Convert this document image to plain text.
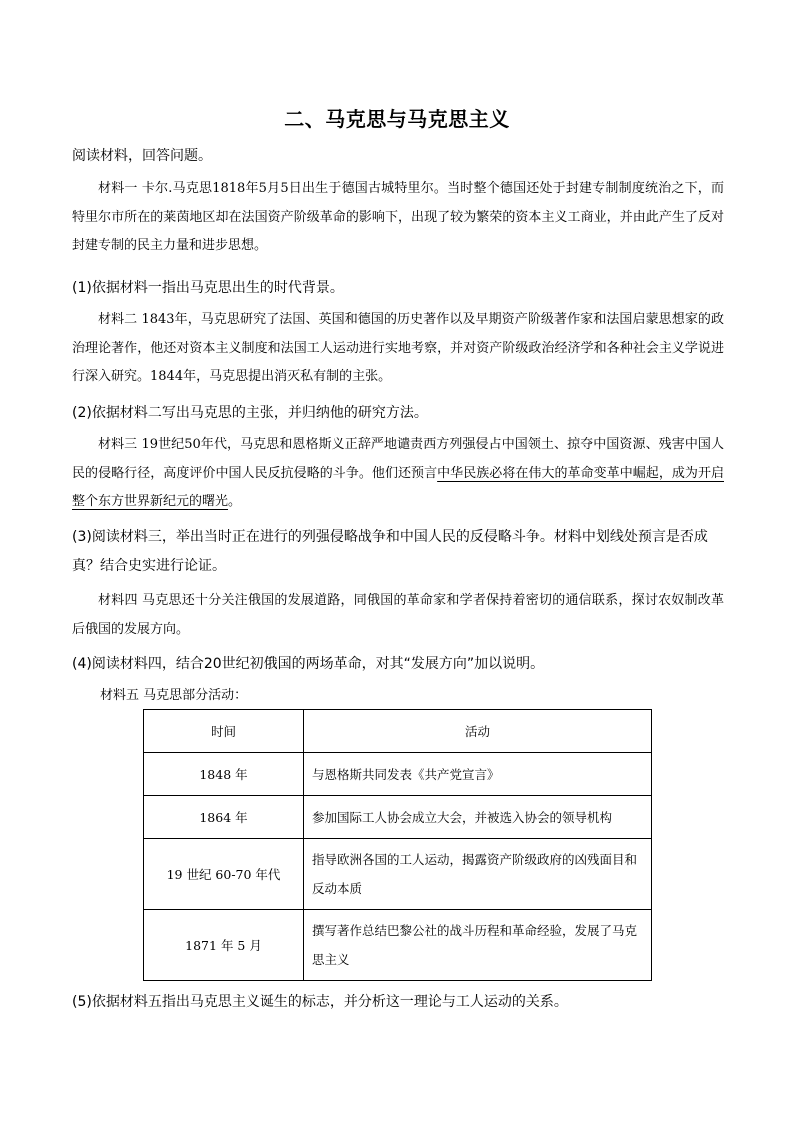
二、马克思与马克思主义
阅读材料，回答问题。
材料一 卡尔.马克思1818年5月5日出生于德国古城特里尔。当时整个德国还处于封建专制制度统治之下，而特里尔市所在的莱茵地区却在法国资产阶级革命的影响下，出现了较为繁荣的资本主义工商业，并由此产生了反对封建专制的民主力量和进步思想。
(1)依据材料一指出马克思出生的时代背景。
材料二 1843年，马克思研究了法国、英国和德国的历史著作以及早期资产阶级著作家和法国启蒙思想家的政治理论著作，他还对资本主义制度和法国工人运动进行实地考察，并对资产阶级政治经济学和各种社会主义学说进行深入研究。1844年，马克思提出消灭私有制的主张。
(2)依据材料二写出马克思的主张，并归纳他的研究方法。
材料三 19世纪50年代，马克思和恩格斯义正辞严地谴责西方列强侵占中国领土、掠夺中国资源、残害中国人民的侵略行径，高度评价中国人民反抗侵略的斗争。他们还预言中华民族必将在伟大的革命变革中崛起，成为开启整个东方世界新纪元的曙光。
(3)阅读材料三，举出当时正在进行的列强侵略战争和中国人民的反侵略斗争。材料中划线处预言是否成真？结合史实进行论证。
材料四 马克思还十分关注俄国的发展道路，同俄国的革命家和学者保持着密切的通信联系，探讨农奴制改革后俄国的发展方向。
(4)阅读材料四，结合20世纪初俄国的两场革命，对其“发展方向”加以说明。
材料五 马克思部分活动：
时间	活动
1848 年	与恩格斯共同发表《共产党宣言》
1864 年	参加国际工人协会成立大会，并被选入协会的领导机构
19 世纪 60-70 年代	指导欧洲各国的工人运动，揭露资产阶级政府的凶残面目和反动本质
1871 年 5 月	撰写著作总结巴黎公社的战斗历程和革命经验，发展了马克思主义
(5)依据材料五指出马克思主义诞生的标志，并分析这一理论与工人运动的关系。
